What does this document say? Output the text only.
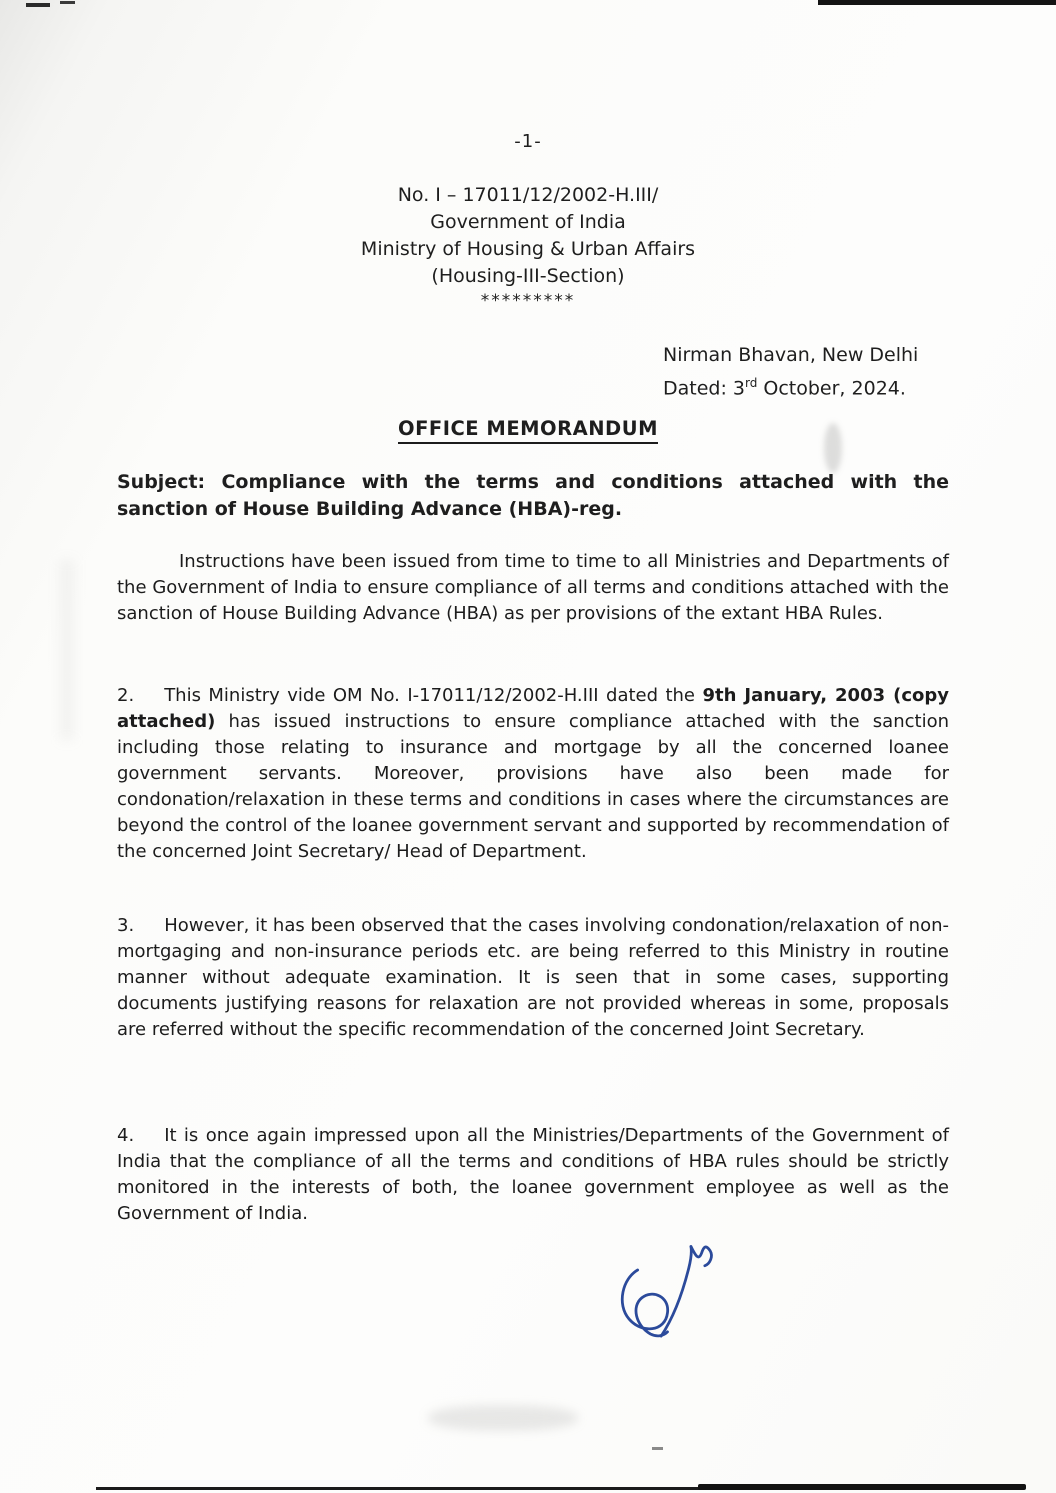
-1-
No. I – 17011/12/2002-H.III/
Government of India
Ministry of Housing & Urban Affairs
(Housing-III-Section)
*********
Nirman Bhavan, New Delhi
Dated: 3rd October, 2024.
OFFICE MEMORANDUM
Subject: Compliance with the terms and conditions attached with the sanction of House Building Advance (HBA)-reg.

Instructions have been issued from time to time to all Ministries and Departments of the Government of India to ensure compliance of all terms and conditions attached with the sanction of House Building Advance (HBA) as per provisions of the extant HBA Rules.

2. This Ministry vide OM No. I-17011/12/2002-H.III dated the 9th January, 2003 (copy attached) has issued instructions to ensure compliance attached with the sanction including those relating to insurance and mortgage by all the concerned loanee government servants. Moreover, provisions have also been made for condonation/relaxation in these terms and conditions in cases where the circumstances are beyond the control of the loanee government servant and supported by recommendation of the concerned Joint Secretary/ Head of Department.

3. However, it has been observed that the cases involving condonation/relaxation of non-mortgaging and non-insurance periods etc. are being referred to this Ministry in routine manner without adequate examination. It is seen that in some cases, supporting documents justifying reasons for relaxation are not provided whereas in some, proposals are referred without the specific recommendation of the concerned Joint Secretary.

4. It is once again impressed upon all the Ministries/Departments of the Government of India that the compliance of all the terms and conditions of HBA rules should be strictly monitored in the interests of both, the loanee government employee as well as the Government of India.
